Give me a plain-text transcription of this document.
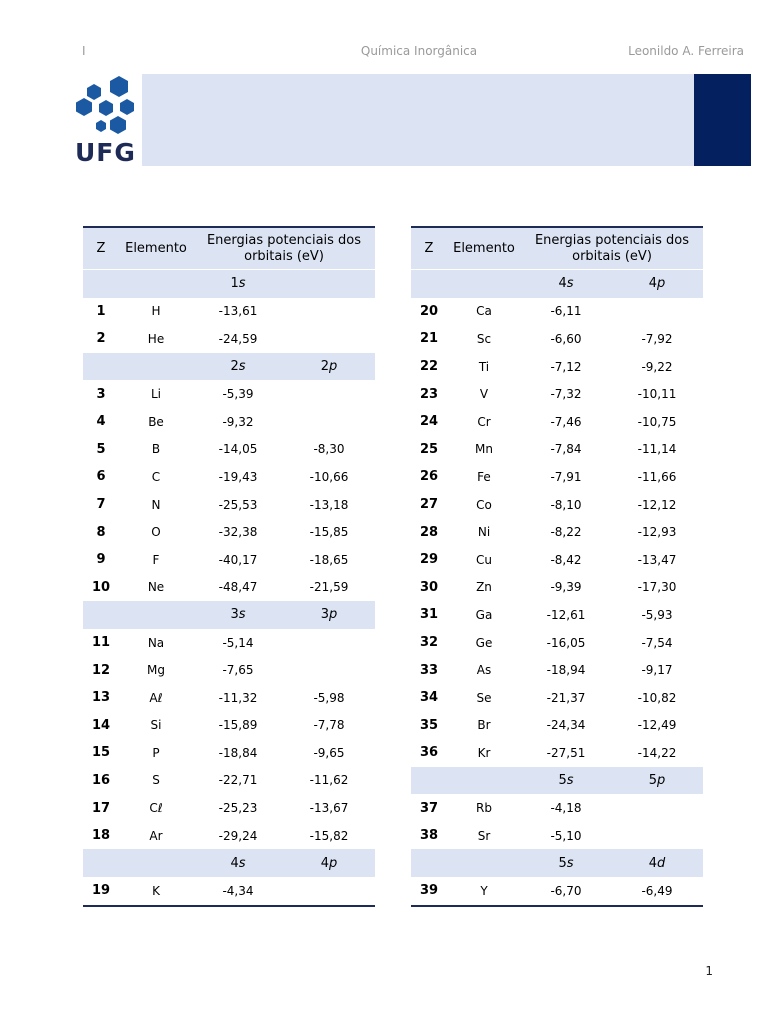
I	Química Inorgânica	Leonildo A. Ferreira
UFG
Z	Elemento	Energias potenciais dos orbitais (eV)	
		1s	
1	H	-13,61	
2	He	-24,59	
		2s	2p
3	Li	-5,39	
4	Be	-9,32	
5	B	-14,05	-8,30
6	C	-19,43	-10,66
7	N	-25,53	-13,18
8	O	-32,38	-15,85
9	F	-40,17	-18,65
10	Ne	-48,47	-21,59
		3s	3p
11	Na	-5,14	
12	Mg	-7,65	
13	Aℓ	-11,32	-5,98
14	Si	-15,89	-7,78
15	P	-18,84	-9,65
16	S	-22,71	-11,62
17	Cℓ	-25,23	-13,67
18	Ar	-29,24	-15,82
		4s	4p
19	K	-4,34	
Z	Elemento	Energias potenciais dos orbitais (eV)	
		4s	4p
20	Ca	-6,11	
21	Sc	-6,60	-7,92
22	Ti	-7,12	-9,22
23	V	-7,32	-10,11
24	Cr	-7,46	-10,75
25	Mn	-7,84	-11,14
26	Fe	-7,91	-11,66
27	Co	-8,10	-12,12
28	Ni	-8,22	-12,93
29	Cu	-8,42	-13,47
30	Zn	-9,39	-17,30
31	Ga	-12,61	-5,93
32	Ge	-16,05	-7,54
33	As	-18,94	-9,17
34	Se	-21,37	-10,82
35	Br	-24,34	-12,49
36	Kr	-27,51	-14,22
		5s	5p
37	Rb	-4,18	
38	Sr	-5,10	
		5s	4d
39	Y	-6,70	-6,49
1
